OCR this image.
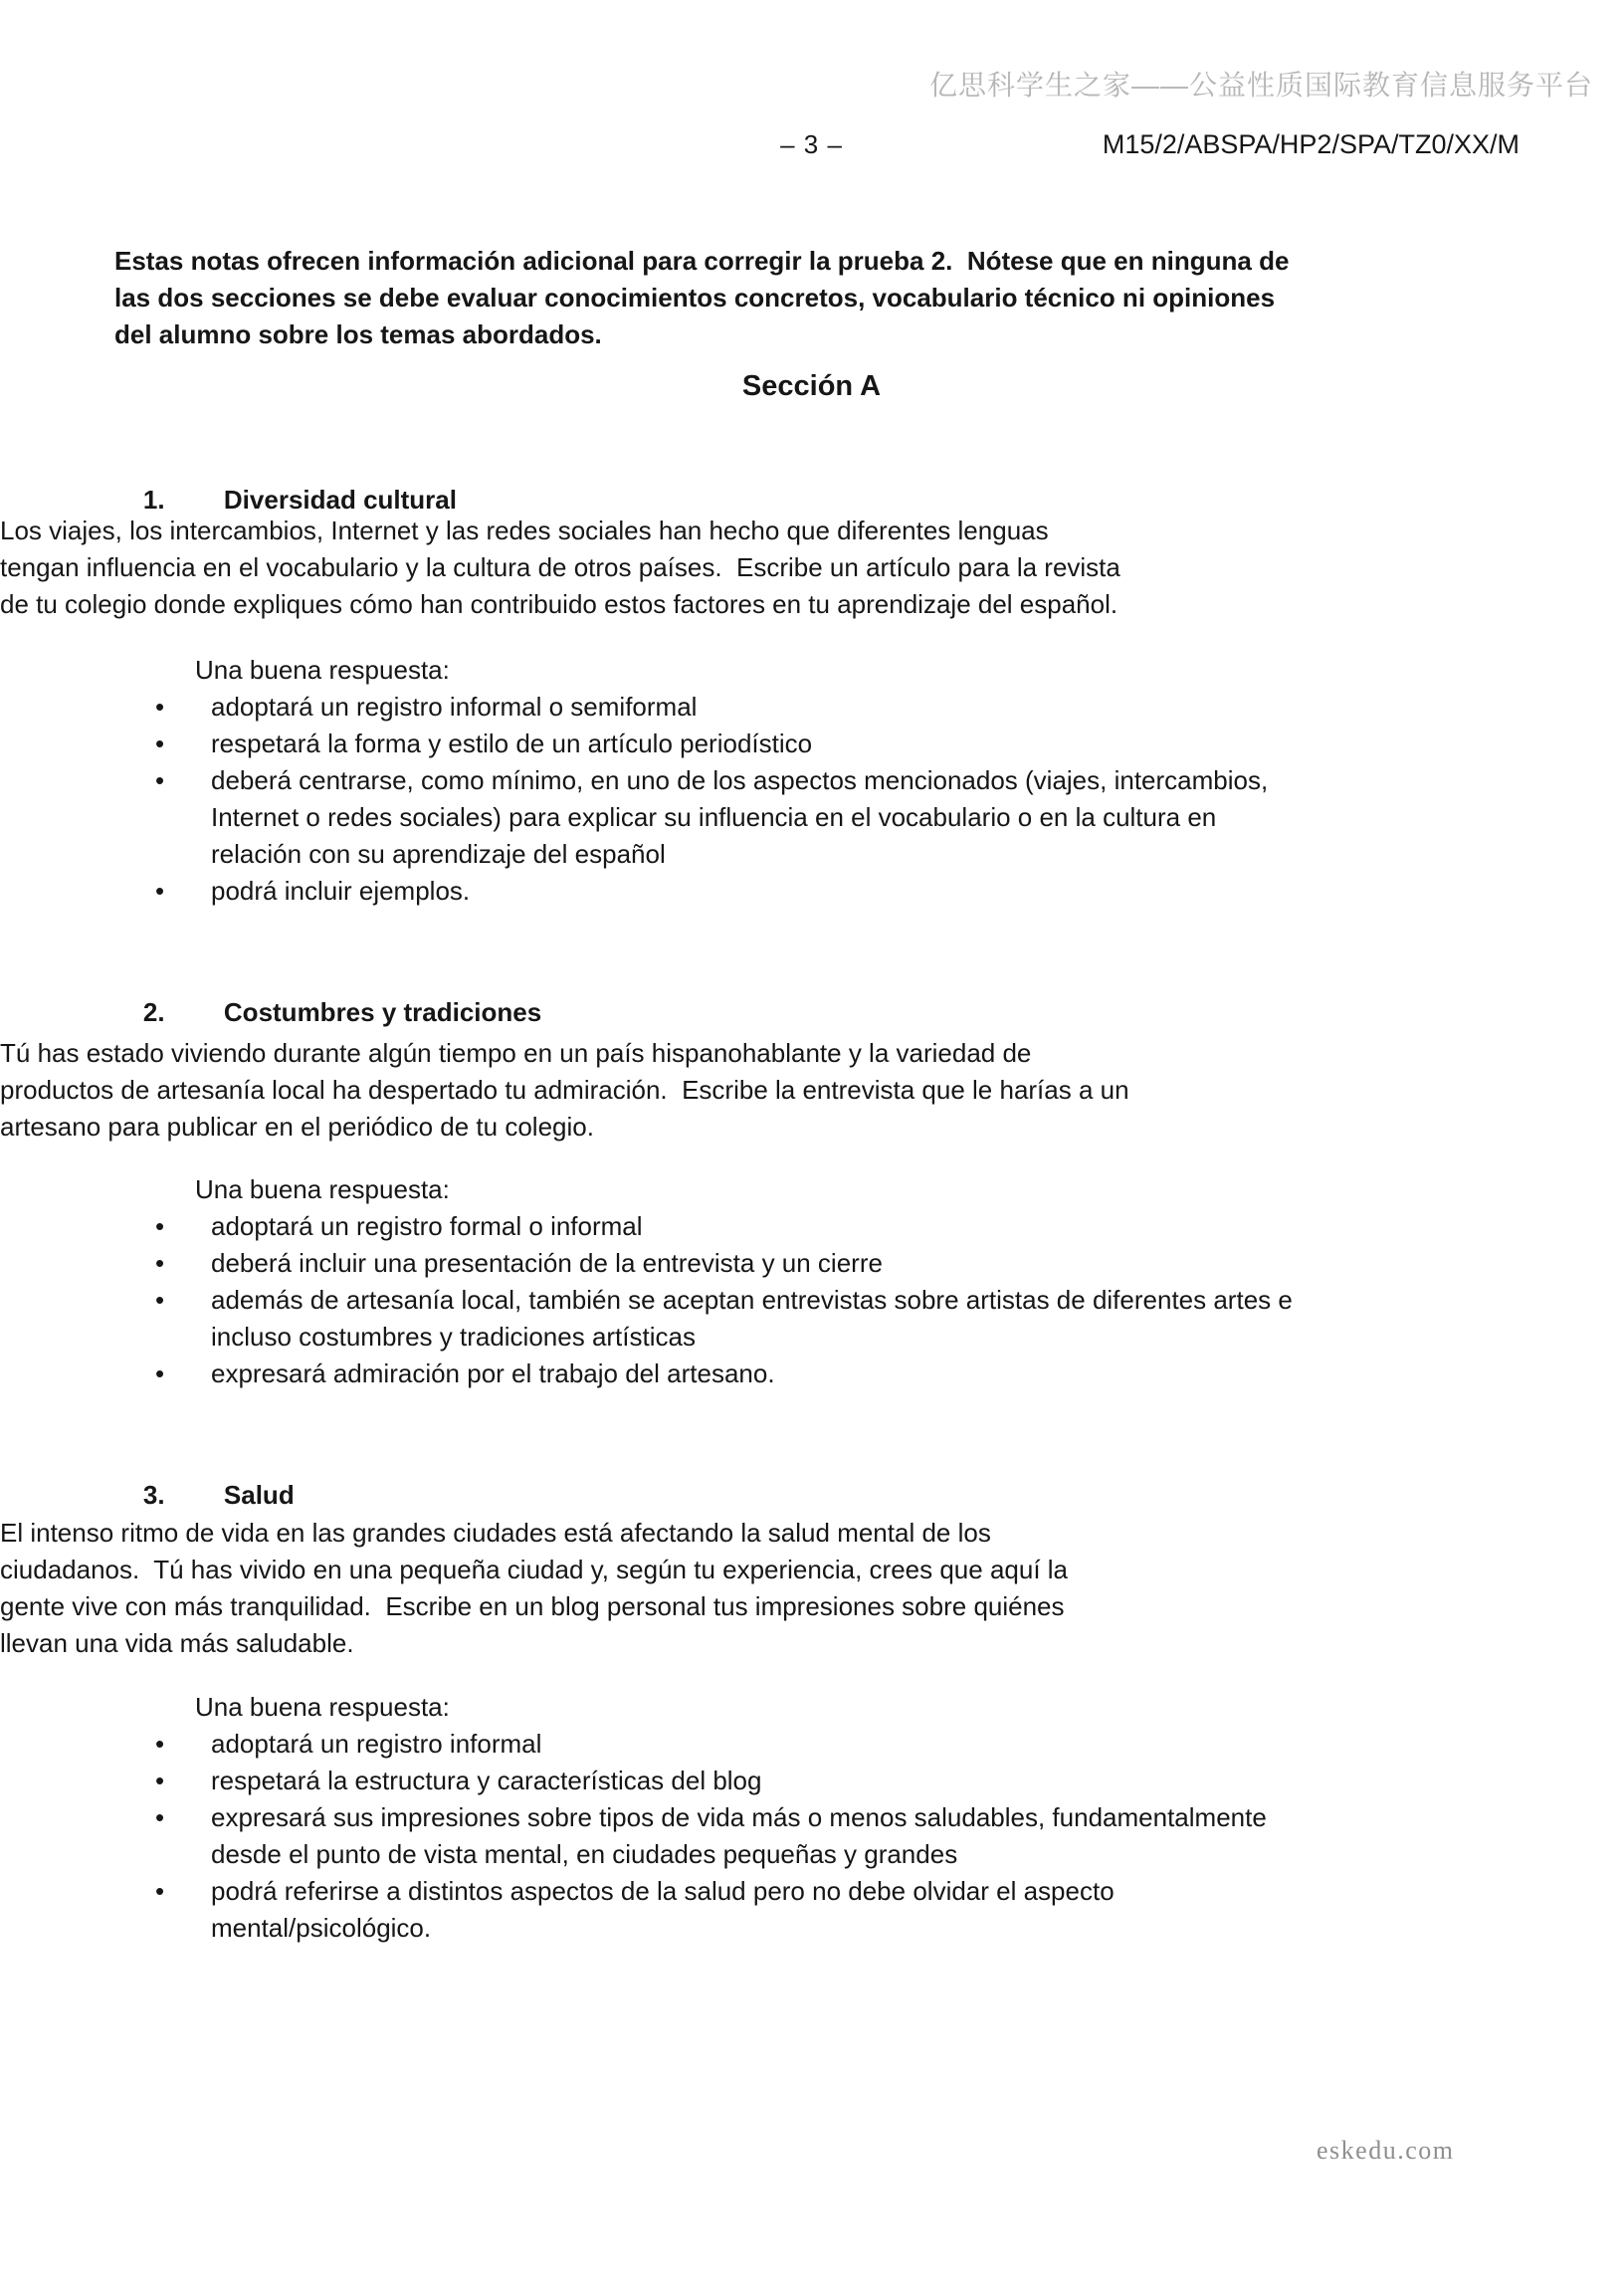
亿思科学生之家——公益性质国际教育信息服务平台
– 3 –	M15/2/ABSPA/HP2/SPA/TZ0/XX/M
Estas notas ofrecen información adicional para corregir la prueba 2.  Nótese que en ninguna de
las dos secciones se debe evaluar conocimientos concretos, vocabulario técnico ni opiniones
del alumno sobre los temas abordados.
Sección A

1. Diversidad cultural

Los viajes, los intercambios, Internet y las redes sociales han hecho que diferentes lenguas
tengan influencia en el vocabulario y la cultura de otros países.  Escribe un artículo para la revista
de tu colegio donde expliques cómo han contribuido estos factores en tu aprendizaje del español.
Una buena respuesta:
•	adoptará un registro informal o semiformal
•	respetará la forma y estilo de un artículo periodístico
•	deberá centrarse, como mínimo, en uno de los aspectos mencionados (viajes, intercambios,
Internet o redes sociales) para explicar su influencia en el vocabulario o en la cultura en
relación con su aprendizaje del español
•	podrá incluir ejemplos.

2. Costumbres y tradiciones

Tú has estado viviendo durante algún tiempo en un país hispanohablante y la variedad de
productos de artesanía local ha despertado tu admiración.  Escribe la entrevista que le harías a un
artesano para publicar en el periódico de tu colegio.
Una buena respuesta:
•	adoptará un registro formal o informal
•	deberá incluir una presentación de la entrevista y un cierre
•	además de artesanía local, también se aceptan entrevistas sobre artistas de diferentes artes e
incluso costumbres y tradiciones artísticas
•	expresará admiración por el trabajo del artesano.

3. Salud

El intenso ritmo de vida en las grandes ciudades está afectando la salud mental de los
ciudadanos.  Tú has vivido en una pequeña ciudad y, según tu experiencia, crees que aquí la
gente vive con más tranquilidad.  Escribe en un blog personal tus impresiones sobre quiénes
llevan una vida más saludable.
Una buena respuesta:
•	adoptará un registro informal
•	respetará la estructura y características del blog
•	expresará sus impresiones sobre tipos de vida más o menos saludables, fundamentalmente
desde el punto de vista mental, en ciudades pequeñas y grandes
•	podrá referirse a distintos aspectos de la salud pero no debe olvidar el aspecto
mental/psicológico.
eskedu.com
